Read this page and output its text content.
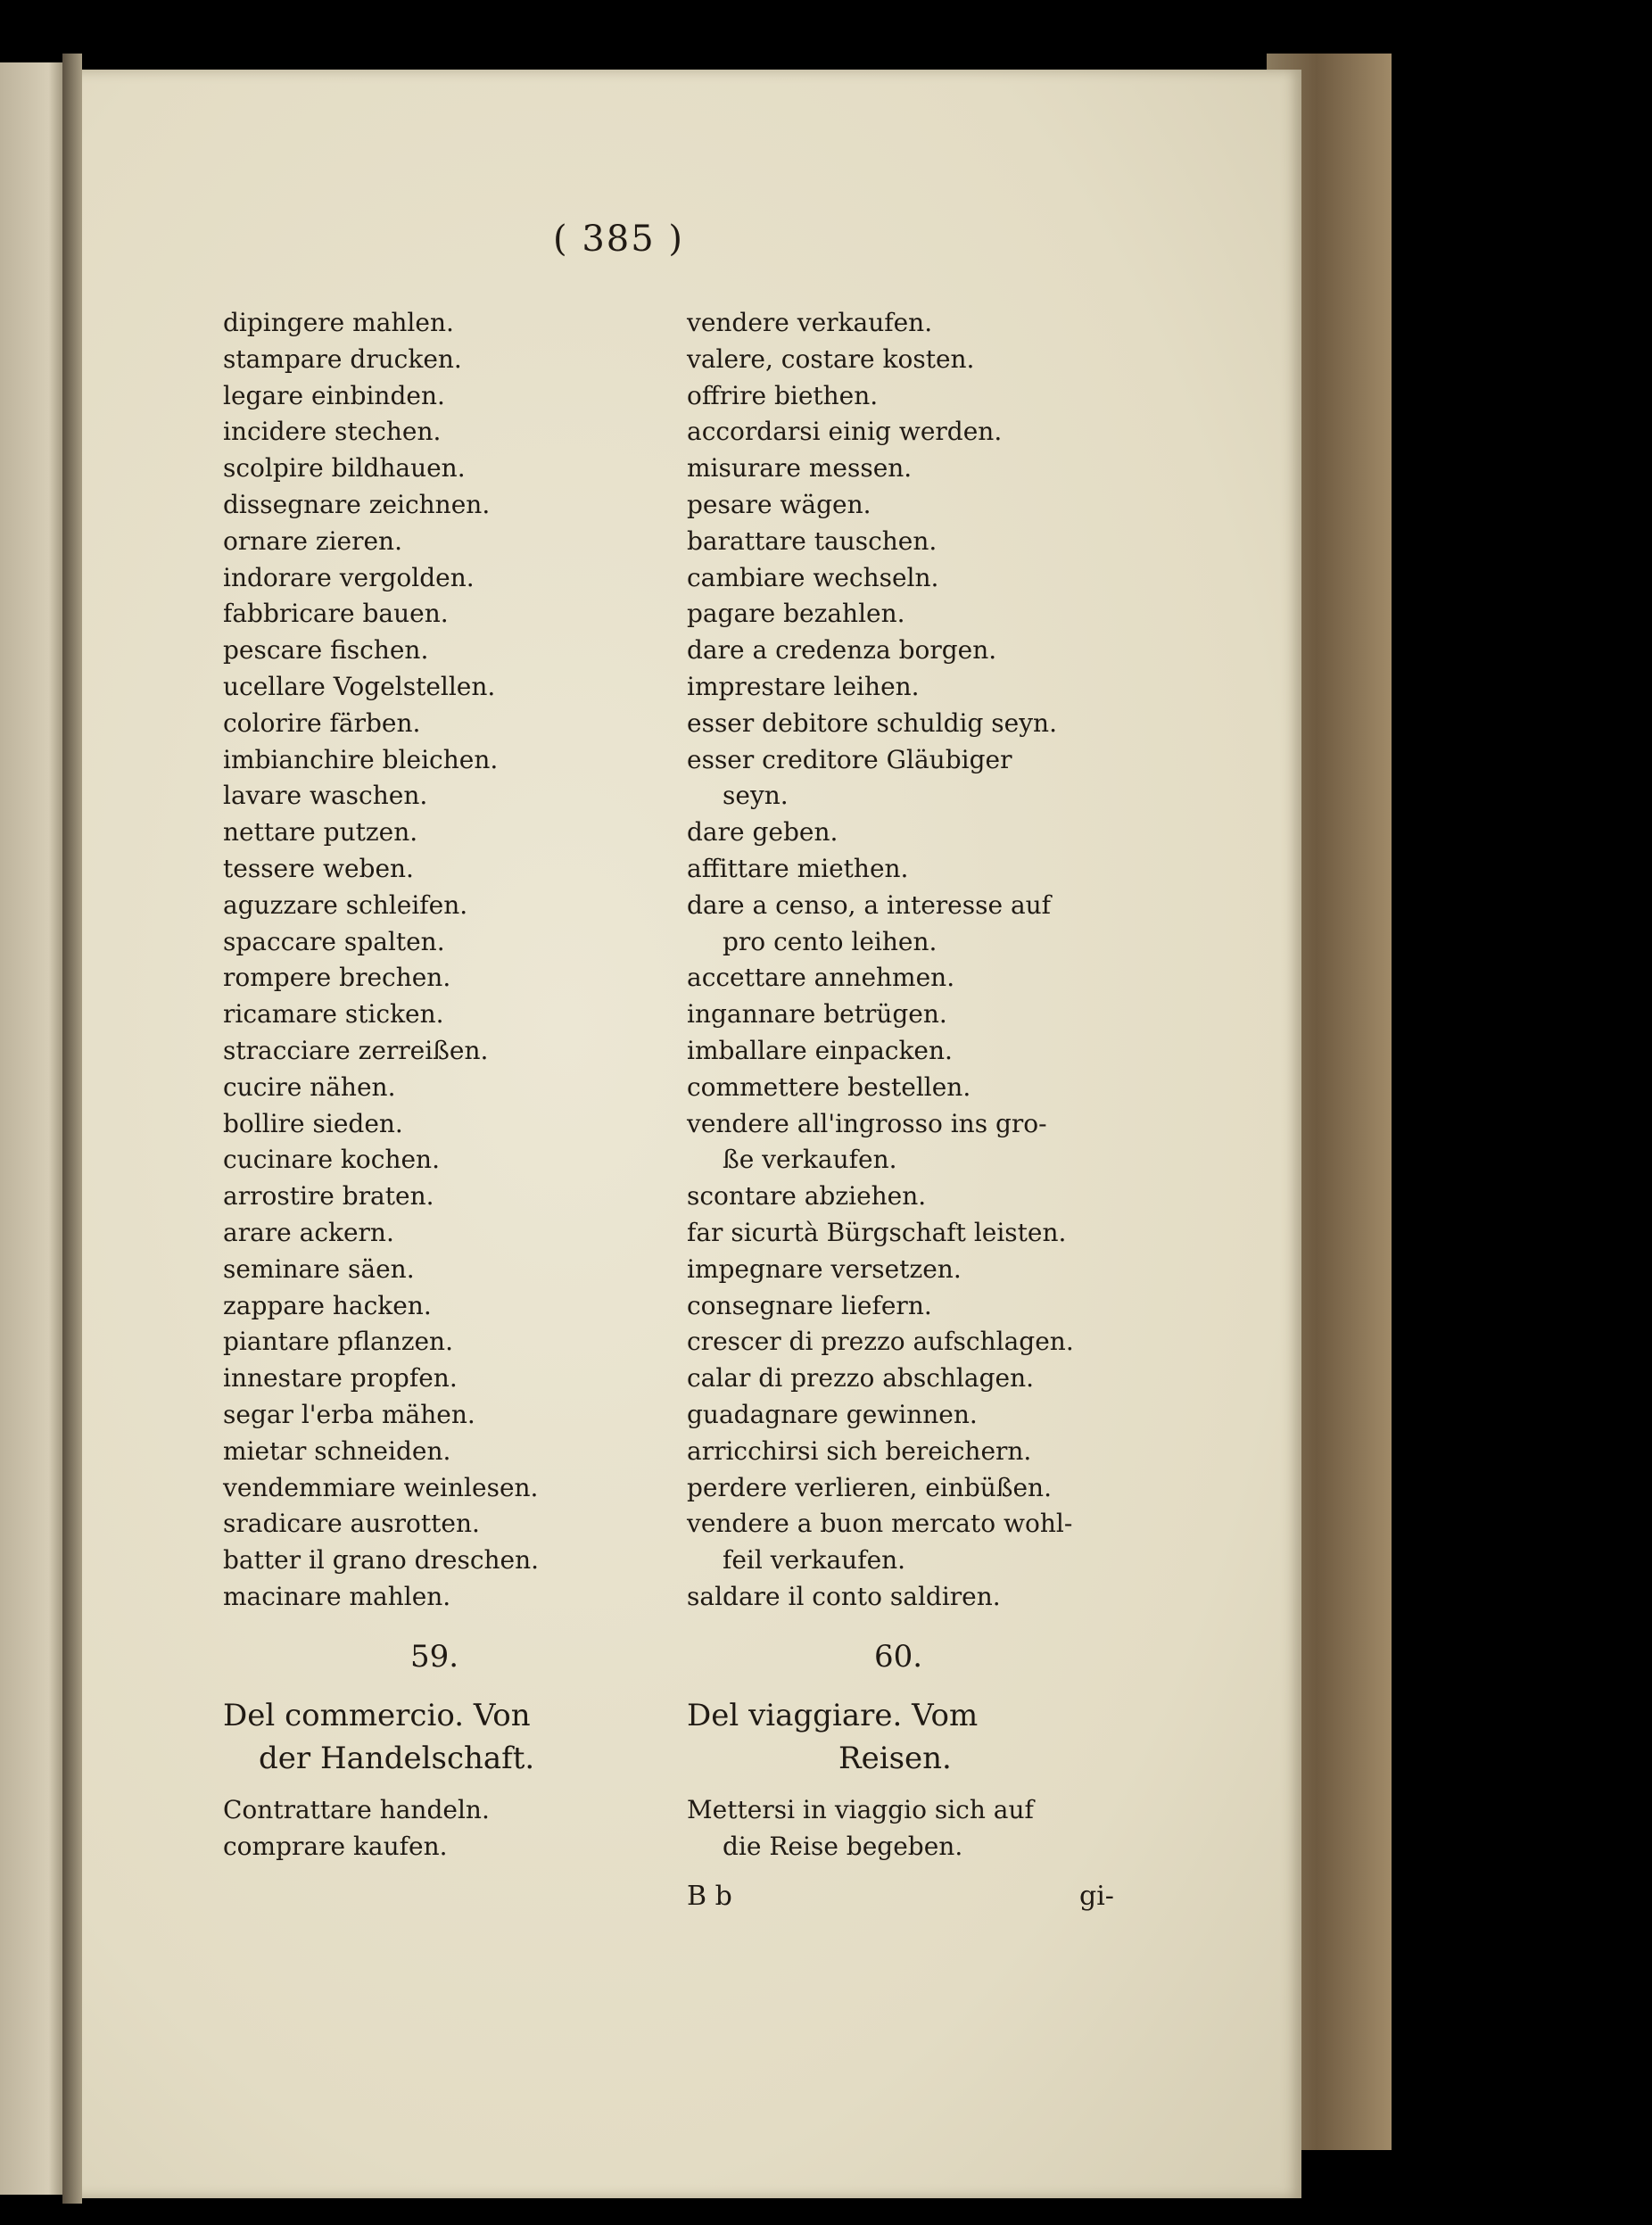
( 385 )
dipingere mahlen.
stampare drucken.
legare einbinden.
incidere stechen.
scolpire bildhauen.
dissegnare zeichnen.
ornare zieren.
indorare vergolden.
fabbricare bauen.
pescare fischen.
ucellare Vogelstellen.
colorire färben.
imbianchire bleichen.
lavare waschen.
nettare putzen.
tessere weben.
aguzzare schleifen.
spaccare spalten.
rompere brechen.
ricamare sticken.
stracciare zerreißen.
cucire nähen.
bollire sieden.
cucinare kochen.
arrostire braten.
arare ackern.
seminare säen.
zappare hacken.
piantare pflanzen.
innestare propfen.
segar l'erba mähen.
mietar schneiden.
vendemmiare weinlesen.
sradicare ausrotten.
batter il grano dreschen.
macinare mahlen.
59.
Del commercio. Von
der Handelschaft.
Contrattare handeln.
comprare kaufen.
vendere verkaufen.
valere, costare kosten.
offrire biethen.
accordarsi einig werden.
misurare messen.
pesare wägen.
barattare tauschen.
cambiare wechseln.
pagare bezahlen.
dare a credenza borgen.
imprestare leihen.
esser debitore schuldig seyn.
esser creditore Gläubiger
seyn.
dare geben.
affittare miethen.
dare a censo, a interesse auf
pro cento leihen.
accettare annehmen.
ingannare betrügen.
imballare einpacken.
commettere bestellen.
vendere all'ingrosso ins gro-
ße verkaufen.
scontare abziehen.
far sicurtà Bürgschaft leisten.
impegnare versetzen.
consegnare liefern.
crescer di prezzo aufschlagen.
calar di prezzo abschlagen.
guadagnare gewinnen.
arricchirsi sich bereichern.
perdere verlieren, einbüßen.
vendere a buon mercato wohl-
feil verkaufen.
saldare il conto saldiren.
60.
Del viaggiare. Vom
Reisen.
Mettersi in viaggio sich auf
die Reise begeben.
B b	gi-
